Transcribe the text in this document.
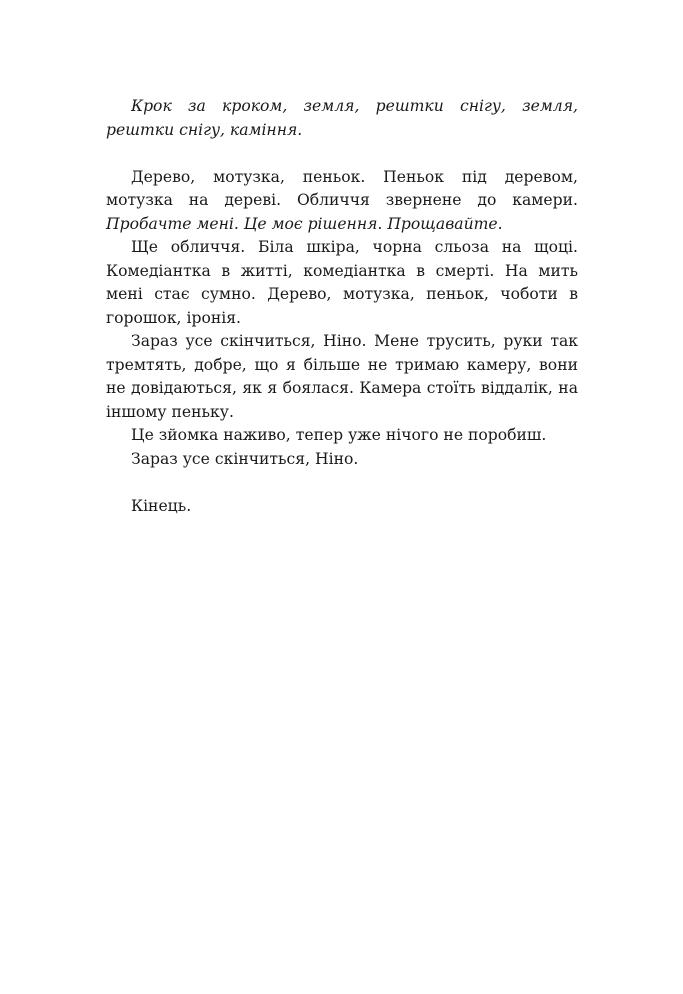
Крок за кроком, земля, рештки снігу, земля, рештки снігу, каміння.

Дерево, мотузка, пеньок. Пеньок під деревом, мотузка на дереві. Обличчя звернене до камери. Пробачте мені. Це моє рішення. Прощавайте.

Ще обличчя. Біла шкіра, чорна сльоза на щоці. Комедіантка в житті, комедіантка в смерті. На мить мені стає сумно. Дерево, мотузка, пеньок, чоботи в горошок, іронія.

Зараз усе скінчиться, Ніно. Мене трусить, руки так тремтять, добре, що я більше не тримаю камеру, вони не довідаються, як я боялася. Камера стоїть віддалік, на іншому пеньку.

Це зйомка наживо, тепер уже нічого не поробиш.

Зараз усе скінчиться, Ніно.

Кінець.
